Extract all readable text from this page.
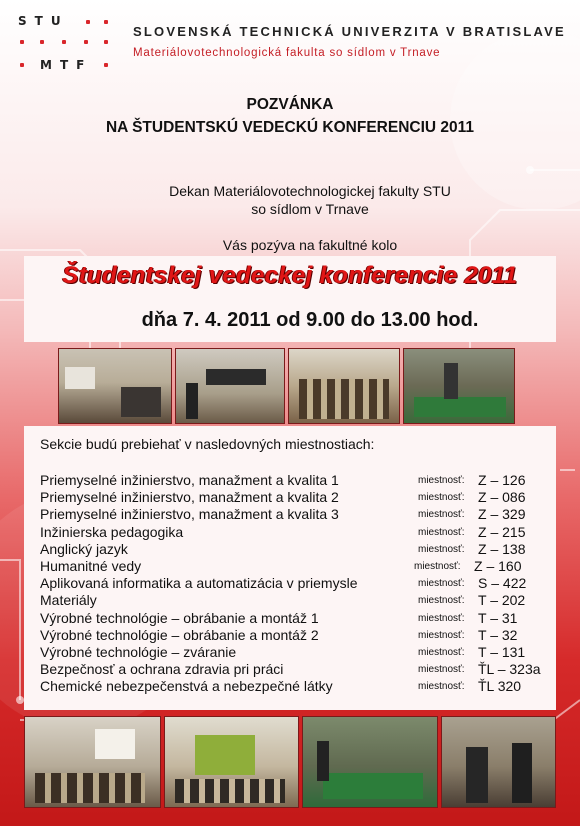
STU
MTF
SLOVENSKÁ TECHNICKÁ UNIVERZITA V BRATISLAVE
Materiálovotechnologická fakulta so sídlom v Trnave
POZVÁNKA
NA ŠTUDENTSKÚ VEDECKÚ KONFERENCIU 2011
Dekan Materiálovotechnologickej fakulty STU
so sídlom v Trnave
Vás pozýva na fakultné kolo
Študentskej vedeckej konferencie 2011
dňa 7. 4. 2011 od 9.00 do 13.00 hod.
Sekcie budú prebiehať v nasledovných miestnostiach:
Priemyselné inžinierstvo, manažment a kvalita 1	miestnosť: Z – 126
Priemyselné inžinierstvo, manažment a kvalita 2	miestnosť: Z – 086
Priemyselné inžinierstvo, manažment a kvalita 3	miestnosť: Z – 329
Inžinierska pedagogika	miestnosť: Z – 215
Anglický jazyk	miestnosť: Z – 138
Humanitné vedy	miestnosť: Z – 160
Aplikovaná informatika a automatizácia v priemysle	miestnosť: S – 422
Materiály	miestnosť: T – 202
Výrobné technológie – obrábanie a montáž 1	miestnosť: T – 31
Výrobné technológie – obrábanie a montáž 2	miestnosť: T – 32
Výrobné technológie – zváranie	miestnosť: T – 131
Bezpečnosť a ochrana zdravia pri práci	miestnosť: ŤL – 323a
Chemické nebezpečenstvá a nebezpečné látky	miestnosť: ŤL 320
